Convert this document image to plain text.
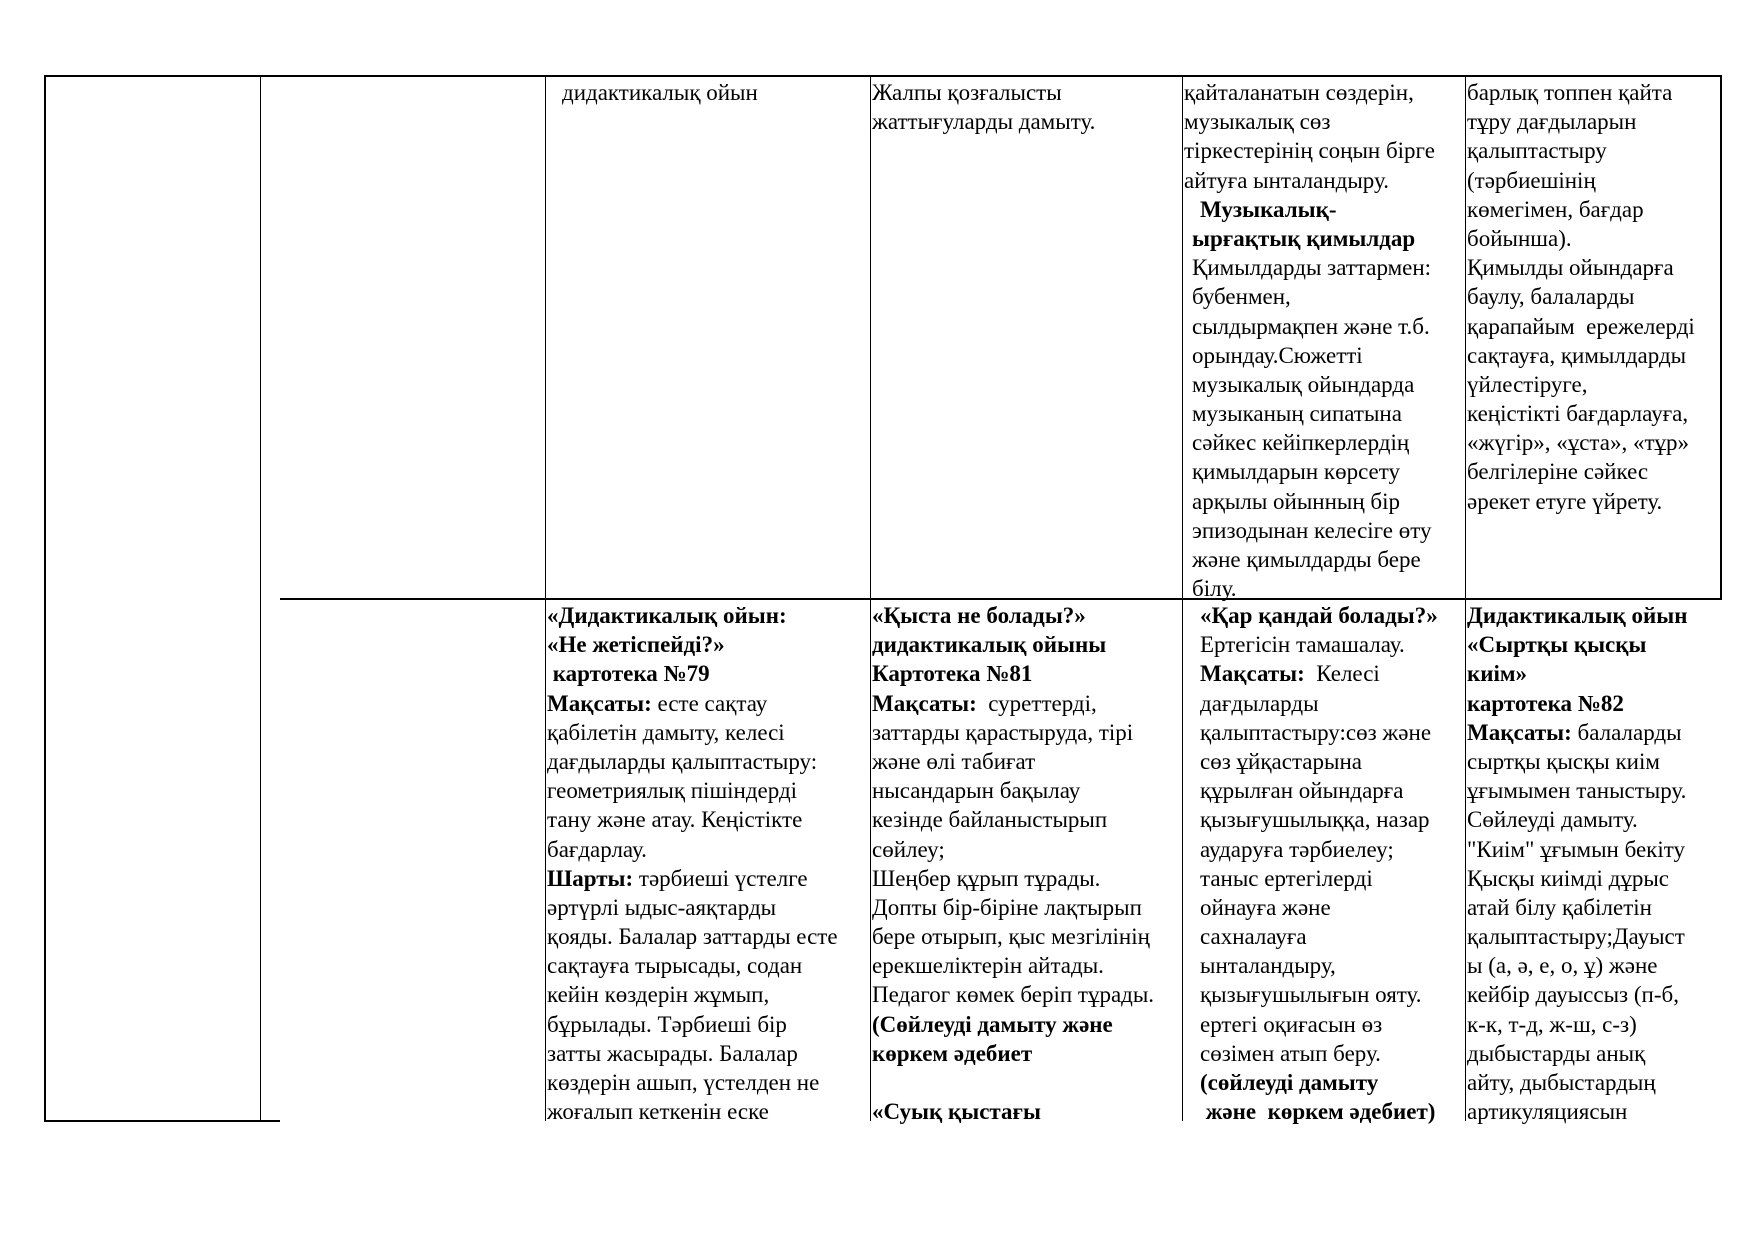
дидактикалық ойын	Жалпы қозғалысты
жаттығуларды дамыту.
қайталанатын сөздерін,
музыкалық сөз
тіркестерінің соңын бірге
айтуға ынталандыру.
Музыкалық-
ырғақтық қимылдар
Қимылдарды заттармен:
бубенмен,
сылдырмақпен және т.б.
орындау.Сюжетті
музыкалық ойындарда
музыканың сипатына
сәйкес кейіпкерлердің
қимылдарын көрсету
арқылы ойынның бір
эпизодынан келесіге өту
және қимылдарды бере
білу.
барлық топпен қайта
тұру дағдыларын
қалыптастыру
(тәрбиешінің
көмегімен, бағдар
бойынша).
Қимылды ойындарға
баулу, балаларды
қарапайым  ережелерді
сақтауға, қимылдарды
үйлестіруге,
кеңістікті бағдарлауға,
«жүгір», «ұста», «тұр»
белгілеріне сәйкес
әрекет етуге үйрету.
«Дидактикалық ойын:
«Не жетіспейді?»
картотека №79
Мақсаты: есте сақтау
қабілетін дамыту, келесі
дағдыларды қалыптастыру:
геометриялық пішіндерді
тану және атау. Кеңістікте
бағдарлау.
Шарты: тәрбиеші үстелге
әртүрлі ыдыс-аяқтарды
қояды. Балалар заттарды есте
сақтауға тырысады, содан
кейін көздерін жұмып,
бұрылады. Тәрбиеші бір
затты жасырады. Балалар
көздерін ашып, үстелден не
жоғалып кеткенін еске
«Қыста не болады?»
дидактикалық ойыны
Картотека №81
Мақсаты:  суреттерді,
заттарды қарастыруда, тірі
және өлі табиғат
нысандарын бақылау
кезінде байланыстырып
сөйлеу;
Шеңбер құрып тұрады.
Допты бір-біріне лақтырып
бере отырып, қыс мезгілінің
ерекшеліктерін айтады.
Педагог көмек беріп тұрады.
(Сөйлеуді дамыту және
көркем әдебиет
«Суық қыстағы
«Қар қандай болады?»
Ертегісін тамашалау.
Мақсаты:  Келесі
дағдыларды
қалыптастыру:сөз және
сөз ұйқастарына
құрылған ойындарға
қызығушылыққа, назар
аударуға тәрбиелеу;
таныс ертегілерді
ойнауға және
сахналауға
ынталандыру,
қызығушылығын ояту.
ертегі оқиғасын өз
сөзімен атып беру.
(сөйлеуді дамыту
және  көркем әдебиет)
Дидактикалық ойын
«Сыртқы қысқы
киім»
картотека №82
Мақсаты: балаларды
сыртқы қысқы киім
ұғымымен таныстыру.
Сөйлеуді дамыту.
"Киім" ұғымын бекіту
Қысқы киімді дұрыс
атай білу қабілетін
қалыптастыру;Дауыст
ы (а, ә, е, о, ұ) және
кейбір дауыссыз (п-б,
к-к, т-д, ж-ш, с-з)
дыбыстарды анық
айту, дыбыстардың
артикуляциясын
